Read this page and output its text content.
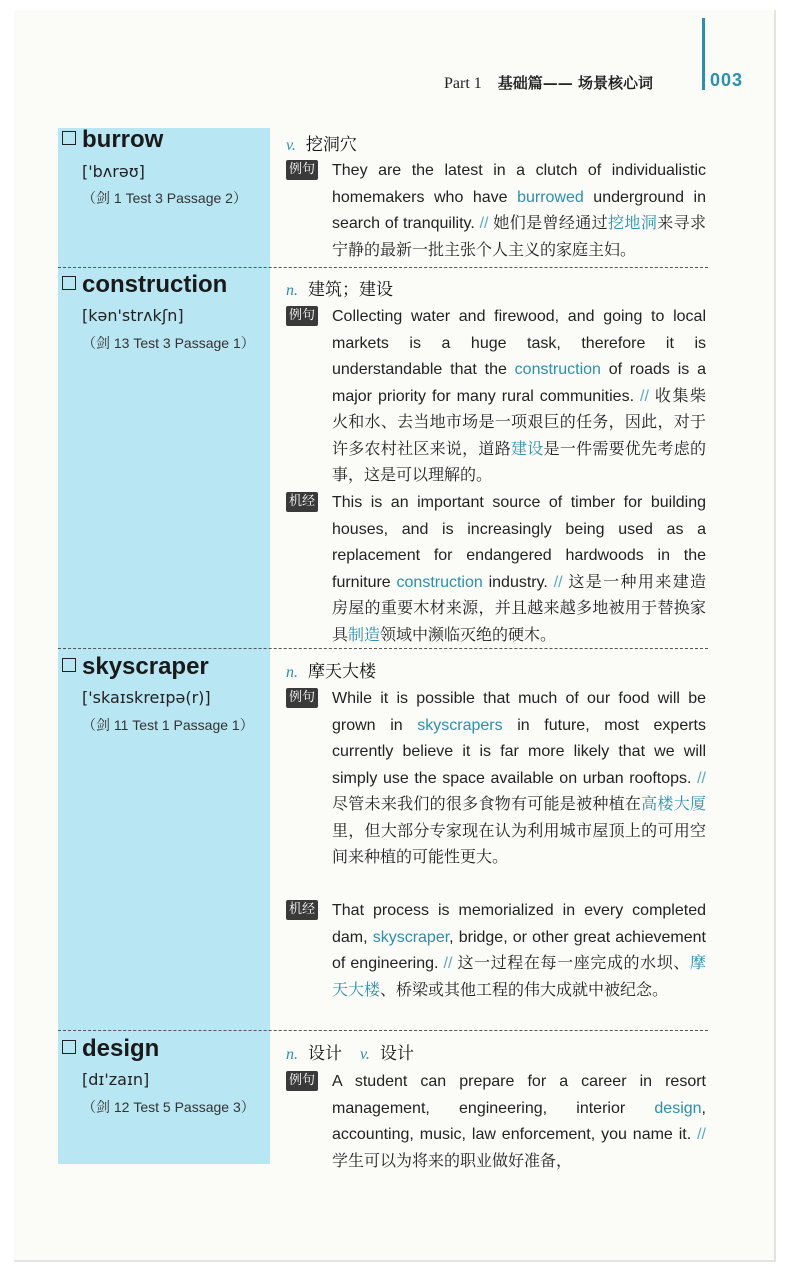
Part 1 基础篇—— 场景核心词	003
burrow
['bʌrəʊ]
（剑 1 Test 3 Passage 2）
v. 挖洞穴
例句 They are the latest in a clutch of individualistic homemakers who have burrowed underground in search of tranquility. // 她们是曾经通过挖地洞来寻求宁静的最新一批主张个人主义的家庭主妇。
construction
[kən'strʌkʃn]
（剑 13 Test 3 Passage 1）
n. 建筑；建设
例句 Collecting water and firewood, and going to local markets is a huge task, therefore it is understandable that the construction of roads is a major priority for many rural communities. // 收集柴火和水、去当地市场是一项艰巨的任务，因此，对于许多农村社区来说，道路建设是一件需要优先考虑的事，这是可以理解的。
机经 This is an important source of timber for building houses, and is increasingly being used as a replacement for endangered hardwoods in the furniture construction industry. // 这是一种用来建造房屋的重要木材来源，并且越来越多地被用于替换家具制造领域中濒临灭绝的硬木。
skyscraper
['skaɪskreɪpə(r)]
（剑 11 Test 1 Passage 1）
n. 摩天大楼
例句 While it is possible that much of our food will be grown in skyscrapers in future, most experts currently believe it is far more likely that we will simply use the space available on urban rooftops. // 尽管未来我们的很多食物有可能是被种植在高楼大厦里，但大部分专家现在认为利用城市屋顶上的可用空间来种植的可能性更大。
机经 That process is memorialized in every completed dam, skyscraper, bridge, or other great achievement of engineering. // 这一过程在每一座完成的水坝、摩天大楼、桥梁或其他工程的伟大成就中被纪念。
design
[dɪ'zaɪn]
（剑 12 Test 5 Passage 3）
n. 设计 v. 设计
例句 A student can prepare for a career in resort management, engineering, interior design, accounting, music, law enforcement, you name it. // 学生可以为将来的职业做好准备，
